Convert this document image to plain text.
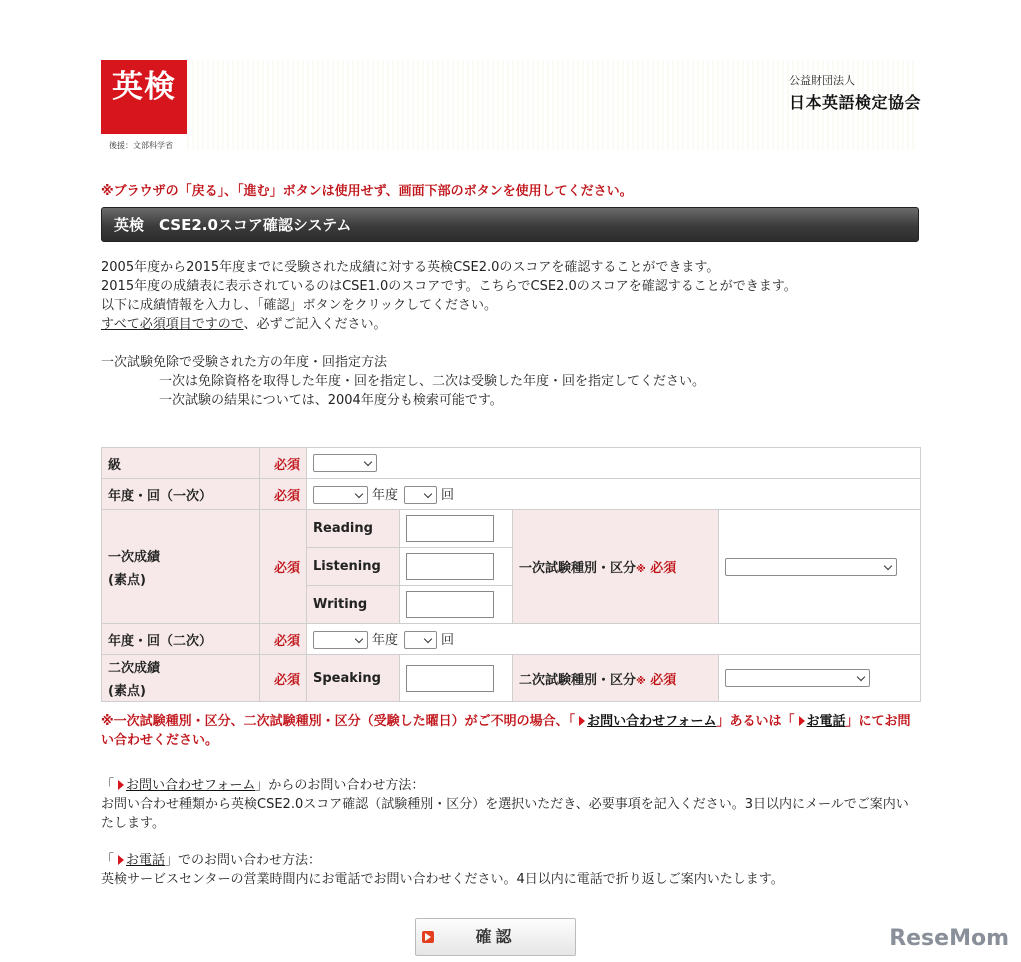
英検
後援：文部科学省
公益財団法人
日本英語検定協会
※ブラウザの「戻る」、「進む」ボタンは使用せず、画面下部のボタンを使用してください。
英検　CSE2.0スコア確認システム

2005年度から2015年度までに受験された成績に対する英検CSE2.0のスコアを確認することができます。

2015年度の成績表に表示されているのはCSE1.0のスコアです。こちらでCSE2.0のスコアを確認することができます。

以下に成績情報を入力し、「確認」ボタンをクリックしてください。

すべて必須項目ですので、必ずご記入ください。

一次試験免除で受験された方の年度・回指定方法

一次は免除資格を取得した年度・回を指定し、二次は受験した年度・回を指定してください。

一次試験の結果については、2004年度分も検索可能です。

級	必須				
年度・回（一次）	必須	年度 回			

一次成績
(素点)	必須	Reading		一次試験種別・区分※ 必須	
		Listening			
		Writing			
年度・回（二次）	必須	年度 回			

二次成績
(素点)	必須	Speaking		二次試験種別・区分※ 必須	
※一次試験種別・区分、二次試験種別・区分（受験した曜日）がご不明の場合、「 お問い合わせフォーム」あるいは「 お電話」にてお問い合わせください。

「 お問い合わせフォーム」からのお問い合わせ方法：

お問い合わせ種類から英検CSE2.0スコア確認（試験種別・区分）を選択いただき、必要事項を記入ください。3日以内にメールでご案内いたします。

「 お電話」でのお問い合わせ方法：

英検サービスセンターの営業時間内にお電話でお問い合わせください。4日以内に電話で折り返しご案内いたします。

確認	ReseMom
